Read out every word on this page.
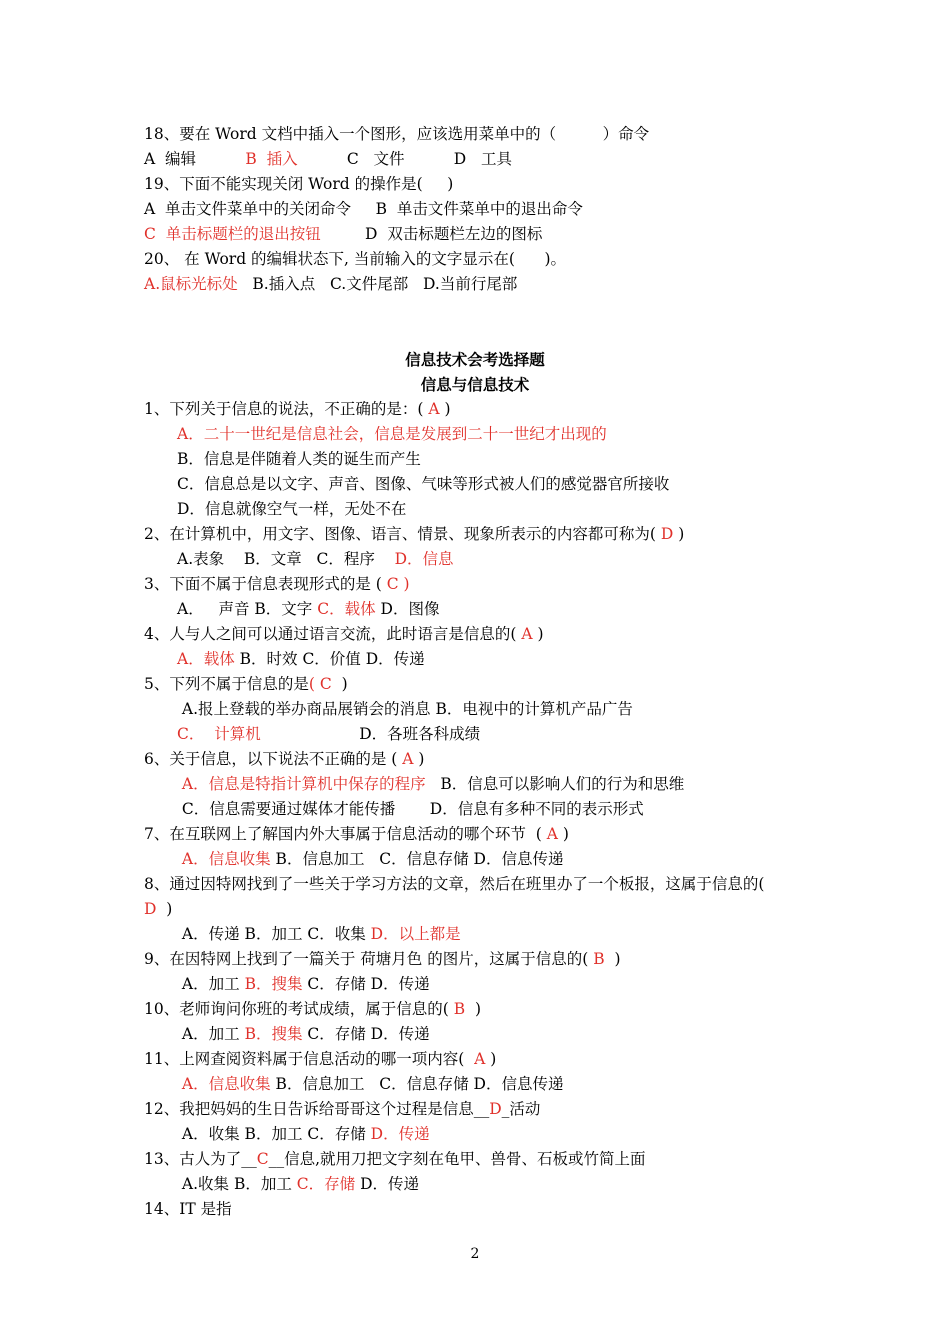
18、要在 Word 文档中插入一个图形，应该选用菜单中的（　　　）命令
A  编辑          B  插入          C   文件          D   工具
19、下面不能实现关闭 Word 的操作是(     )
A  单击文件菜单中的关闭命令     B  单击文件菜单中的退出命令
C  单击标题栏的退出按钮         D  双击标题栏左边的图标
20、 在 Word 的编辑状态下, 当前输入的文字显示在(      )。
A.鼠标光标处   B.插入点   C.文件尾部   D.当前行尾部
信息技术会考选择题
信息与信息技术
1、下列关于信息的说法，不正确的是：( A )
A．二十一世纪是信息社会，信息是发展到二十一世纪才出现的
B．信息是伴随着人类的诞生而产生
C．信息总是以文字、声音、图像、气味等形式被人们的感觉器官所接收
D．信息就像空气一样，无处不在
2、在计算机中，用文字、图像、语言、情景、现象所表示的内容都可称为( D )
A.表象    B．文章   C．程序    D．信息
3、下面不属于信息表现形式的是 ( C )
A．   声音 B．文字 C．载体 D．图像
4、人与人之间可以通过语言交流，此时语言是信息的( A )
A．载体 B．时效 C．价值 D．传递
5、下列不属于信息的是( C  )
A.报上登载的举办商品展销会的消息 B．电视中的计算机产品广告
C．  计算机                    D．各班各科成绩
6、关于信息，以下说法不正确的是 ( A )
A．信息是特指计算机中保存的程序   B．信息可以影响人们的行为和思维
C．信息需要通过媒体才能传播       D．信息有多种不同的表示形式
7、在互联网上了解国内外大事属于信息活动的哪个环节  ( A )
A．信息收集 B．信息加工   C．信息存储 D．信息传递
8、通过因特网找到了一些关于学习方法的文章，然后在班里办了一个板报，这属于信息的(
D  )
A．传递 B．加工 C．收集 D．以上都是
9、在因特网上找到了一篇关于 荷塘月色 的图片，这属于信息的( B  )
A．加工 B．搜集 C．存储 D．传递
10、老师询问你班的考试成绩，属于信息的( B  )
A．加工 B．搜集 C．存储 D．传递
11、上网查阅资料属于信息活动的哪一项内容(  A )
A．信息收集 B．信息加工   C．信息存储 D．信息传递
12、我把妈妈的生日告诉给哥哥这个过程是信息__D_活动
A．收集 B．加工 C．存储 D．传递
13、古人为了__C__信息,就用刀把文字刻在龟甲、兽骨、石板或竹简上面
A.收集 B．加工 C．存储 D．传递
14、IT 是指
2
